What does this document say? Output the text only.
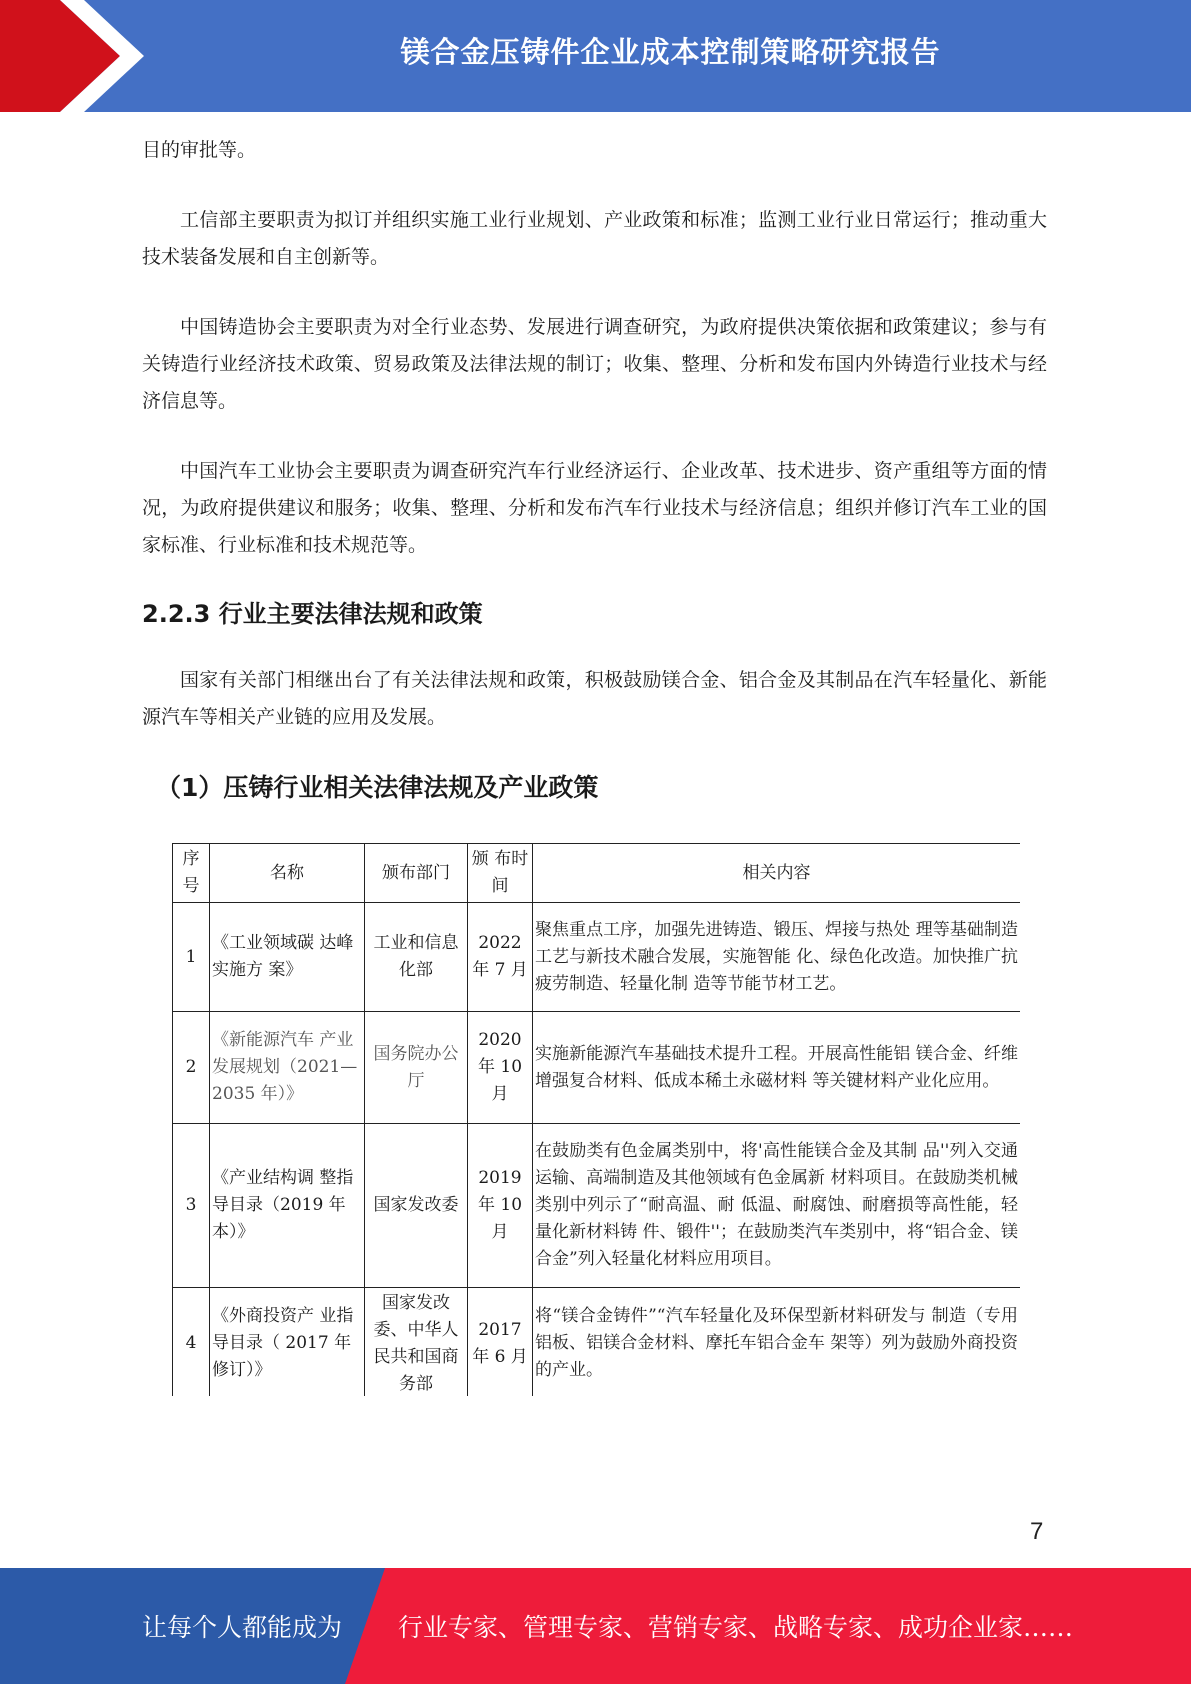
镁合金压铸件企业成本控制策略研究报告

目的审批等。

工信部主要职责为拟订并组织实施工业行业规划、产业政策和标准；监测工业行业日常运行；推动重大技术装备发展和自主创新等。

中国铸造协会主要职责为对全行业态势、发展进行调查研究，为政府提供决策依据和政策建议；参与有关铸造行业经济技术政策、贸易政策及法律法规的制订；收集、整理、分析和发布国内外铸造行业技术与经济信息等。

中国汽车工业协会主要职责为调查研究汽车行业经济运行、企业改革、技术进步、资产重组等方面的情况，为政府提供建议和服务；收集、整理、分析和发布汽车行业技术与经济信息；组织并修订汽车工业的国家标准、行业标准和技术规范等。

2.2.3 行业主要法律法规和政策

国家有关部门相继出台了有关法律法规和政策，积极鼓励镁合金、铝合金及其制品在汽车轻量化、新能源汽车等相关产业链的应用及发展。

（1）压铸行业相关法律法规及产业政策
序号	名称	颁布部门	颁 布时间	相关内容
1	《工业领域碳 达峰实施方 案》	工业和信息化部	2022 年 7 月	聚焦重点工序，加强先进铸造、锻压、焊接与热处 理等基础制造工艺与新技术融合发展，实施智能 化、绿色化改造。加快推广抗疲劳制造、轻量化制 造等节能节材工艺。
2	《新能源汽车 产业发展规划（2021—2035 年）》	国务院办公厅	2020 年 10 月	实施新能源汽车基础技术提升工程。开展高性能铝 镁合金、纤维增强复合材料、低成本稀土永磁材料 等关键材料产业化应用。
3	《产业结构调 整指导目录（2019 年本）》	国家发改委	2019 年 10 月	在鼓励类有色金属类别中，将'高性能镁合金及其制 品''列入交通运输、高端制造及其他领域有色金属新 材料项目。在鼓励类机械类别中列示了“耐高温、耐 低温、耐腐蚀、耐磨损等高性能，轻量化新材料铸 件、锻件''；在鼓励类汽车类别中，将“铝合金、镁 合金”列入轻量化材料应用项目。
4	《外商投资产 业指导目录（ 2017 年 修订）》	国家发改委、中华人民共和国商务部	2017 年 6 月	将“镁合金铸件”“汽车轻量化及环保型新材料研发与 制造（专用铝板、铝镁合金材料、摩托车铝合金车 架等）列为鼓励外商投资的产业。
7
让每个人都能成为 行业专家、管理专家、营销专家、战略专家、成功企业家……
